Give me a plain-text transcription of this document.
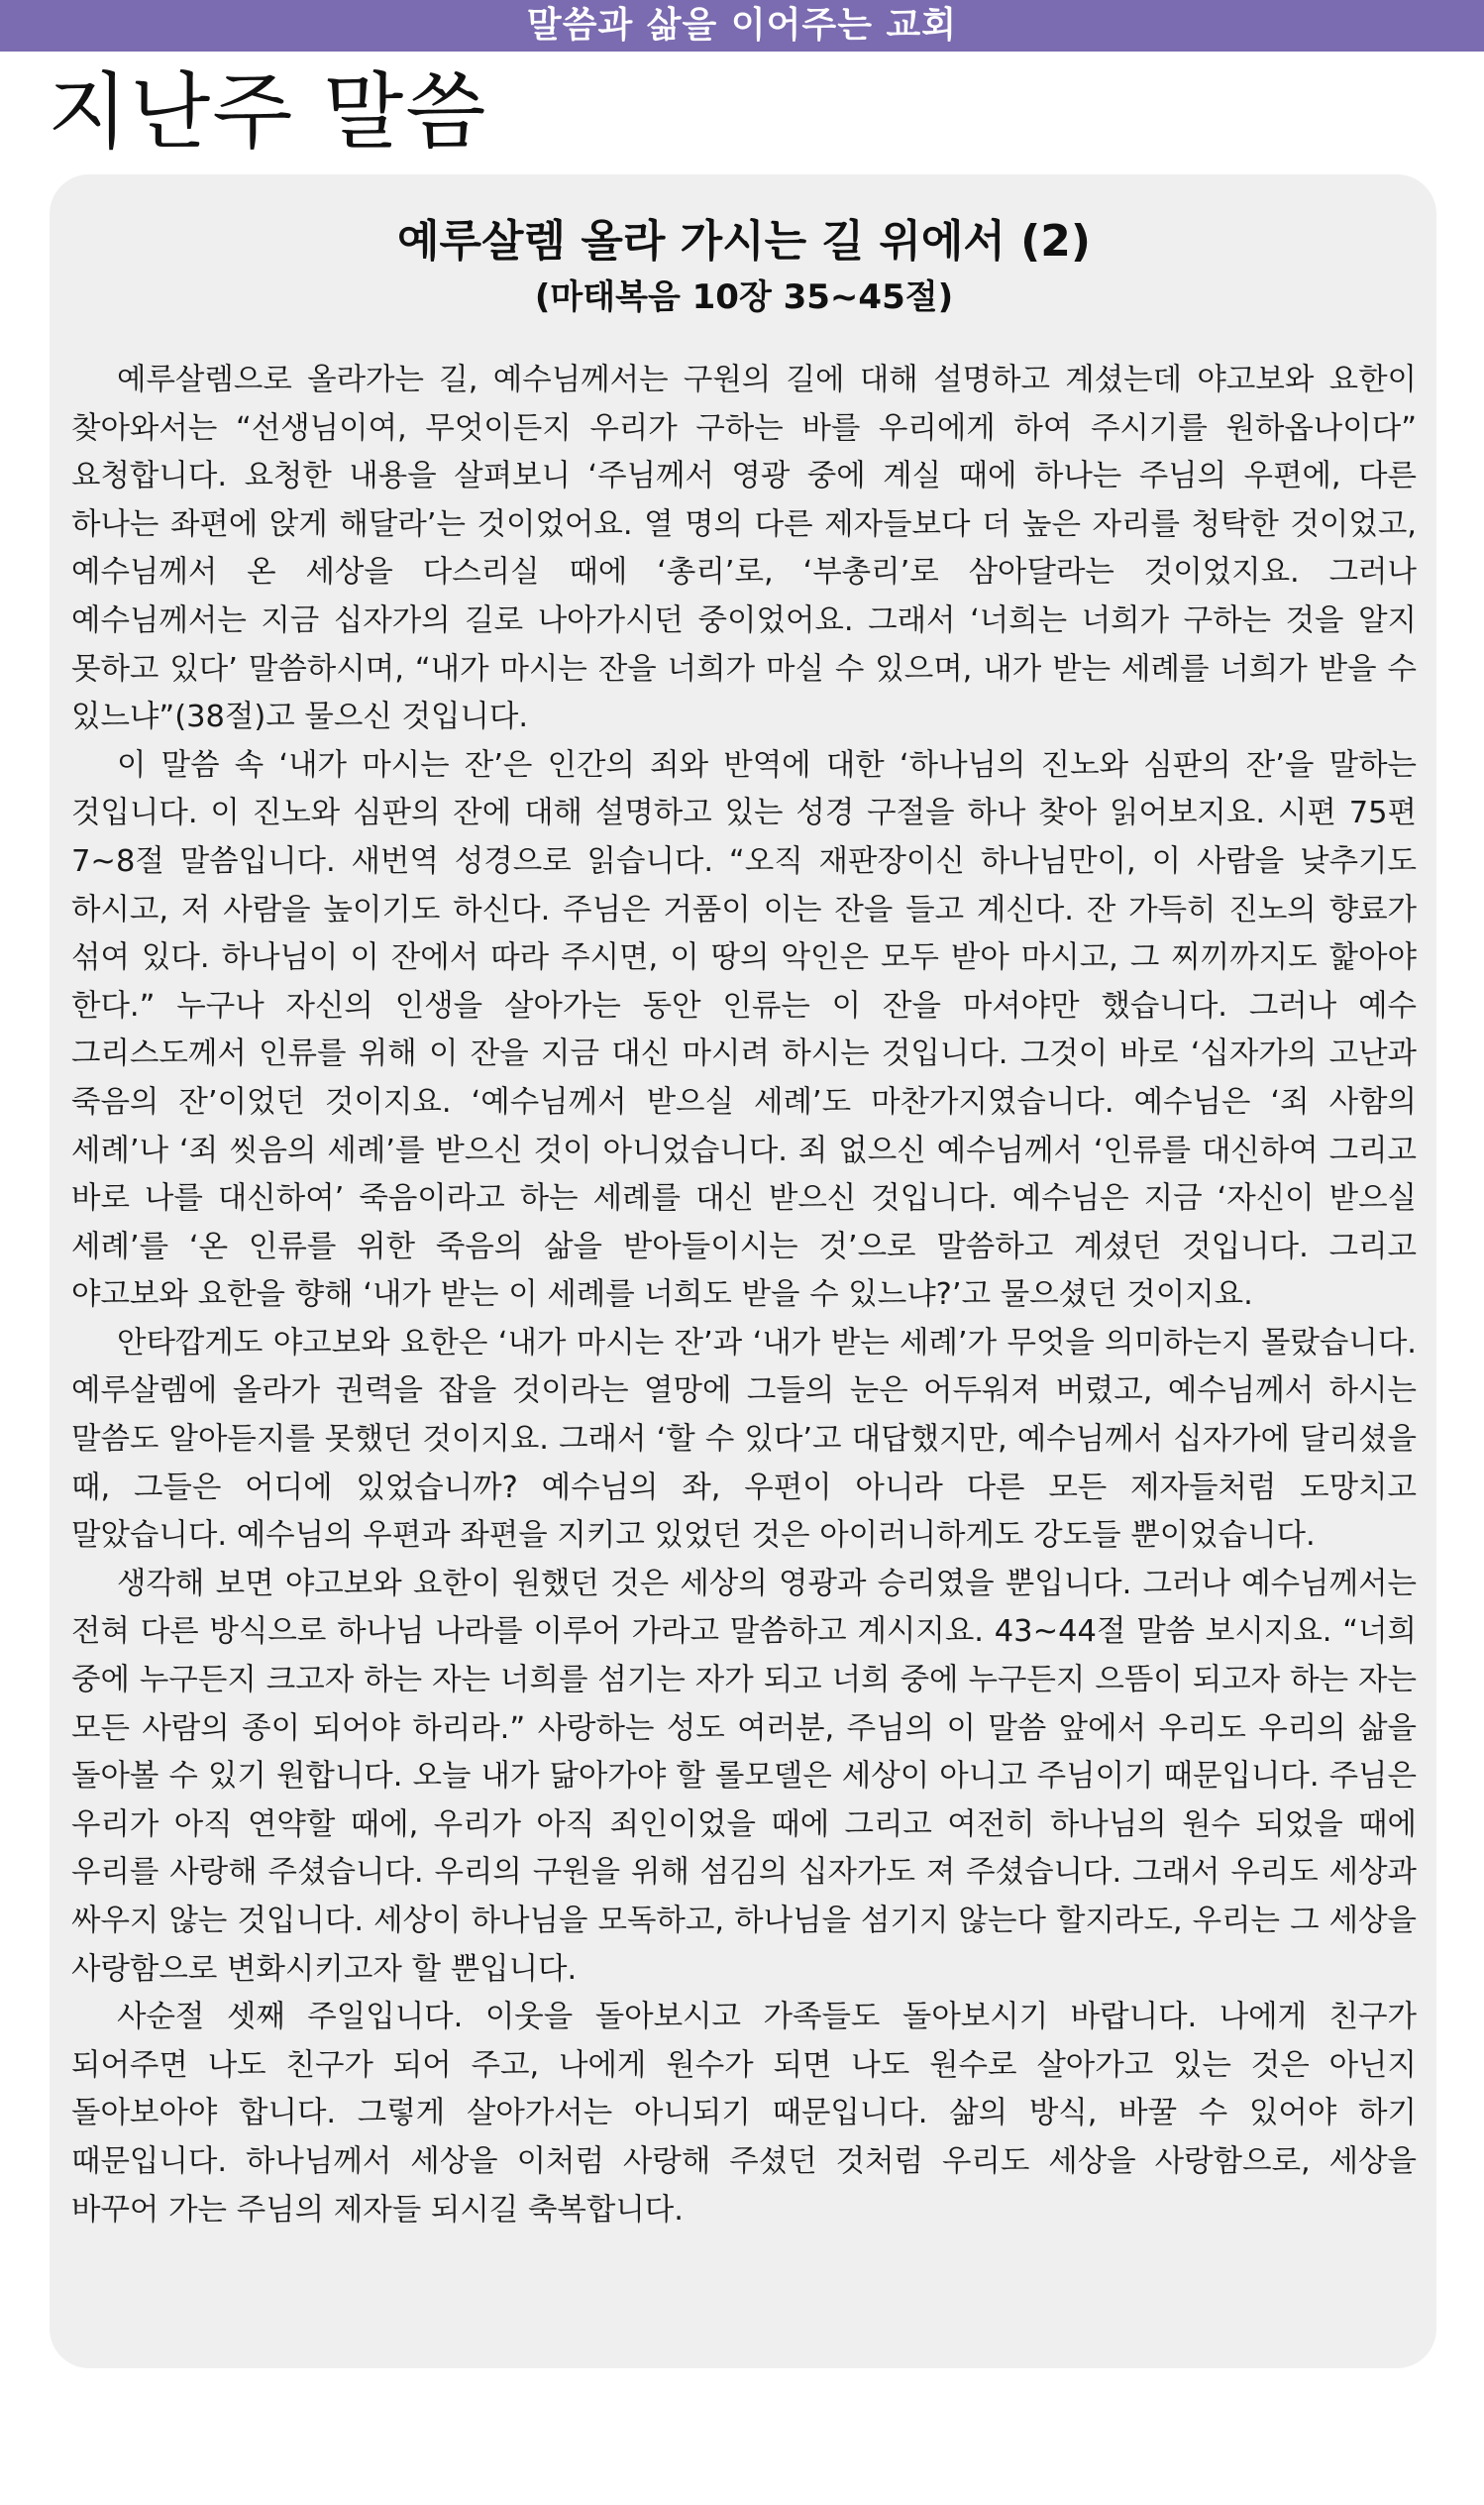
말씀과 삶을 이어주는 교회
지난주 말씀
예루살렘 올라 가시는 길 위에서 (2)
(마태복음 10장 35~45절)

예루살렘으로 올라가는 길, 예수님께서는 구원의 길에 대해 설명하고 계셨는데 야고보와 요한이 찾아와서는 “선생님이여, 무엇이든지 우리가 구하는 바를 우리에게 하여 주시기를 원하옵나이다” 요청합니다. 요청한 내용을 살펴보니 ‘주님께서 영광 중에 계실 때에 하나는 주님의 우편에, 다른 하나는 좌편에 앉게 해달라’는 것이었어요. 열 명의 다른 제자들보다 더 높은 자리를 청탁한 것이었고, 예수님께서 온 세상을 다스리실 때에 ‘총리’로, ‘부총리’로 삼아달라는 것이었지요. 그러나 예수님께서는 지금 십자가의 길로 나아가시던 중이었어요. 그래서 ‘너희는 너희가 구하는 것을 알지 못하고 있다’ 말씀하시며, “내가 마시는 잔을 너희가 마실 수 있으며, 내가 받는 세례를 너희가 받을 수 있느냐”(38절)고 물으신 것입니다.

이 말씀 속 ‘내가 마시는 잔’은 인간의 죄와 반역에 대한 ‘하나님의 진노와 심판의 잔’을 말하는 것입니다. 이 진노와 심판의 잔에 대해 설명하고 있는 성경 구절을 하나 찾아 읽어보지요. 시편 75편 7~8절 말씀입니다. 새번역 성경으로 읽습니다. “오직 재판장이신 하나님만이, 이 사람을 낮추기도 하시고, 저 사람을 높이기도 하신다. 주님은 거품이 이는 잔을 들고 계신다. 잔 가득히 진노의 향료가 섞여 있다. 하나님이 이 잔에서 따라 주시면, 이 땅의 악인은 모두 받아 마시고, 그 찌끼까지도 핥아야 한다.” 누구나 자신의 인생을 살아가는 동안 인류는 이 잔을 마셔야만 했습니다. 그러나 예수 그리스도께서 인류를 위해 이 잔을 지금 대신 마시려 하시는 것입니다. 그것이 바로 ‘십자가의 고난과 죽음의 잔’이었던 것이지요. ‘예수님께서 받으실 세례’도 마찬가지였습니다. 예수님은 ‘죄 사함의 세례’나 ‘죄 씻음의 세례’를 받으신 것이 아니었습니다. 죄 없으신 예수님께서 ‘인류를 대신하여 그리고 바로 나를 대신하여’ 죽음이라고 하는 세례를 대신 받으신 것입니다. 예수님은 지금 ‘자신이 받으실 세례’를 ‘온 인류를 위한 죽음의 삶을 받아들이시는 것’으로 말씀하고 계셨던 것입니다. 그리고 야고보와 요한을 향해 ‘내가 받는 이 세례를 너희도 받을 수 있느냐?’고 물으셨던 것이지요.

안타깝게도 야고보와 요한은 ‘내가 마시는 잔’과 ‘내가 받는 세례’가 무엇을 의미하는지 몰랐습니다. 예루살렘에 올라가 권력을 잡을 것이라는 열망에 그들의 눈은 어두워져 버렸고, 예수님께서 하시는 말씀도 알아듣지를 못했던 것이지요. 그래서 ‘할 수 있다’고 대답했지만, 예수님께서 십자가에 달리셨을 때, 그들은 어디에 있었습니까? 예수님의 좌, 우편이 아니라 다른 모든 제자들처럼 도망치고 말았습니다. 예수님의 우편과 좌편을 지키고 있었던 것은 아이러니하게도 강도들 뿐이었습니다.

생각해 보면 야고보와 요한이 원했던 것은 세상의 영광과 승리였을 뿐입니다. 그러나 예수님께서는 전혀 다른 방식으로 하나님 나라를 이루어 가라고 말씀하고 계시지요. 43~44절 말씀 보시지요. “너희 중에 누구든지 크고자 하는 자는 너희를 섬기는 자가 되고 너희 중에 누구든지 으뜸이 되고자 하는 자는 모든 사람의 종이 되어야 하리라.” 사랑하는 성도 여러분, 주님의 이 말씀 앞에서 우리도 우리의 삶을 돌아볼 수 있기 원합니다. 오늘 내가 닮아가야 할 롤모델은 세상이 아니고 주님이기 때문입니다. 주님은 우리가 아직 연약할 때에, 우리가 아직 죄인이었을 때에 그리고 여전히 하나님의 원수 되었을 때에 우리를 사랑해 주셨습니다. 우리의 구원을 위해 섬김의 십자가도 져 주셨습니다. 그래서 우리도 세상과 싸우지 않는 것입니다. 세상이 하나님을 모독하고, 하나님을 섬기지 않는다 할지라도, 우리는 그 세상을 사랑함으로 변화시키고자 할 뿐입니다.

사순절 셋째 주일입니다. 이웃을 돌아보시고 가족들도 돌아보시기 바랍니다. 나에게 친구가 되어주면 나도 친구가 되어 주고, 나에게 원수가 되면 나도 원수로 살아가고 있는 것은 아닌지 돌아보아야 합니다. 그렇게 살아가서는 아니되기 때문입니다. 삶의 방식, 바꿀 수 있어야 하기 때문입니다. 하나님께서 세상을 이처럼 사랑해 주셨던 것처럼 우리도 세상을 사랑함으로, 세상을 바꾸어 가는 주님의 제자들 되시길 축복합니다.
